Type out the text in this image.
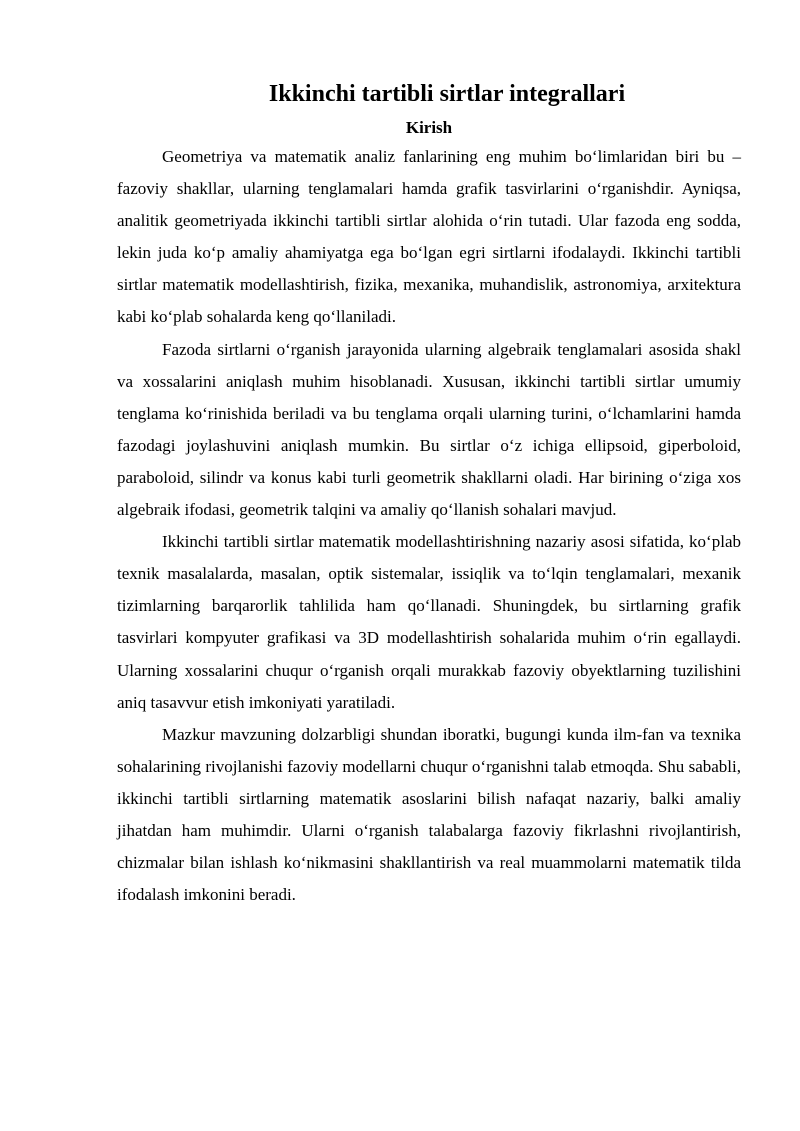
Ikkinchi tartibli sirtlar integrallari
Kirish

Geometriya va matematik analiz fanlarining eng muhim bo‘limlaridan biri bu – fazoviy shakllar, ularning tenglamalari hamda grafik tasvirlarini o‘rganishdir. Ayniqsa, analitik geometriyada ikkinchi tartibli sirtlar alohida o‘rin tutadi. Ular fazoda eng sodda, lekin juda ko‘p amaliy ahamiyatga ega bo‘lgan egri sirtlarni ifodalaydi. Ikkinchi tartibli sirtlar matematik modellashtirish, fizika, mexanika, muhandislik, astronomiya, arxitektura kabi ko‘plab sohalarda keng qo‘llaniladi.

Fazoda sirtlarni o‘rganish jarayonida ularning algebraik tenglamalari asosida shakl va xossalarini aniqlash muhim hisoblanadi. Xususan, ikkinchi tartibli sirtlar umumiy tenglama ko‘rinishida beriladi va bu tenglama orqali ularning turini, o‘lchamlarini hamda fazodagi joylashuvini aniqlash mumkin. Bu sirtlar o‘z ichiga ellipsoid, giperboloid, paraboloid, silindr va konus kabi turli geometrik shakllarni oladi. Har birining o‘ziga xos algebraik ifodasi, geometrik talqini va amaliy qo‘llanish sohalari mavjud.

Ikkinchi tartibli sirtlar matematik modellashtirishning nazariy asosi sifatida, ko‘plab texnik masalalarda, masalan, optik sistemalar, issiqlik va to‘lqin tenglamalari, mexanik tizimlarning barqarorlik tahlilida ham qo‘llanadi. Shuningdek, bu sirtlarning grafik tasvirlari kompyuter grafikasi va 3D modellashtirish sohalarida muhim o‘rin egallaydi. Ularning xossalarini chuqur o‘rganish orqali murakkab fazoviy obyektlarning tuzilishini aniq tasavvur etish imkoniyati yaratiladi.

Mazkur mavzuning dolzarbligi shundan iboratki, bugungi kunda ilm-fan va texnika sohalarining rivojlanishi fazoviy modellarni chuqur o‘rganishni talab etmoqda. Shu sababli, ikkinchi tartibli sirtlarning matematik asoslarini bilish nafaqat nazariy, balki amaliy jihatdan ham muhimdir. Ularni o‘rganish talabalarga fazoviy fikrlashni rivojlantirish, chizmalar bilan ishlash ko‘nikmasini shakllantirish va real muammolarni matematik tilda ifodalash imkonini beradi.
